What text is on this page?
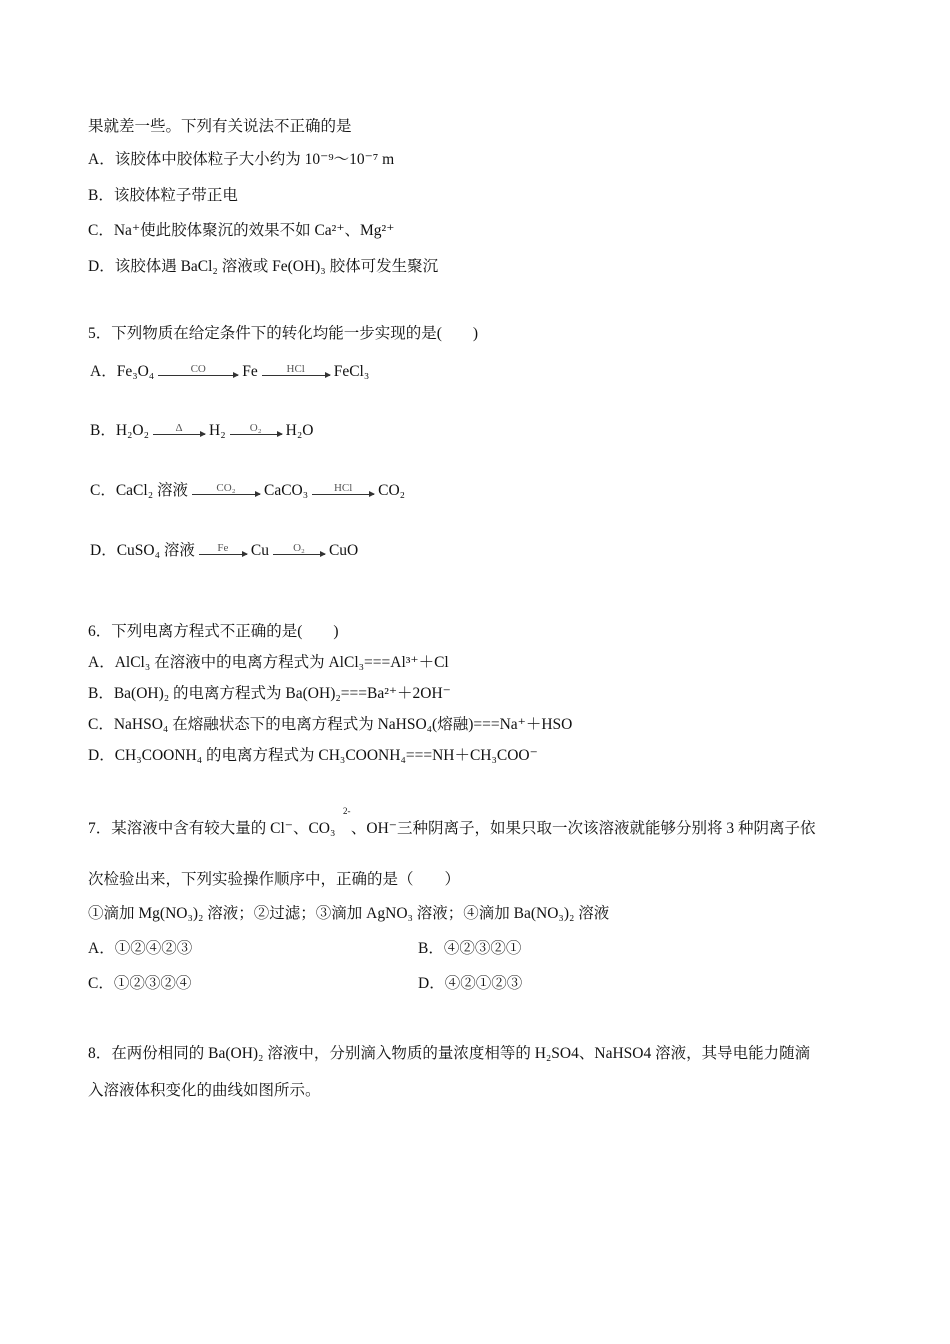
果就差一些。下列有关说法不正确的是
A．该胶体中胶体粒子大小约为 10⁻⁹～10⁻⁷ m
B．该胶体粒子带正电
C．Na⁺使此胶体聚沉的效果不如 Ca²⁺、Mg²⁺
D．该胶体遇 BaCl₂ 溶液或 Fe(OH)₃ 胶体可发生聚沉
5．下列物质在给定条件下的转化均能一步实现的是(　　)
A．Fe₃O₄	CO Fe	HCl FeCl₃
B．H₂O₂ Δ H₂ O₂ H₂O
C．CaCl₂ 溶液	CO₂ CaCO₃ HCl CO₂
D．CuSO₄ 溶液 Fe Cu O₂ CuO
6．下列电离方程式不正确的是(　　)
A．AlCl₃ 在溶液中的电离方程式为 AlCl₃===Al³⁺＋Cl
B．Ba(OH)₂ 的电离方程式为 Ba(OH)₂===Ba²⁺＋2OH⁻
C．NaHSO₄ 在熔融状态下的电离方程式为 NaHSO₄(熔融)===Na⁺＋HSO
D．CH₃COONH₄ 的电离方程式为 CH₃COONH₄===NH＋CH₃COO⁻
2-
7．某溶液中含有较大量的 Cl⁻、CO₃　、OH⁻三种阴离子，如果只取一次该溶液就能够分别将 3 种阴离子依
次检验出来，下列实验操作顺序中，正确的是（　　）
①滴加 Mg(NO₃)₂ 溶液；②过滤；③滴加 AgNO₃ 溶液；④滴加 Ba(NO₃)₂ 溶液
A．①②④②③	B．④②③②①
C．①②③②④	D．④②①②③
8．在两份相同的 Ba(OH)₂ 溶液中，分别滴入物质的量浓度相等的 H₂SO4、NaHSO4 溶液，其导电能力随滴
入溶液体积变化的曲线如图所示。
